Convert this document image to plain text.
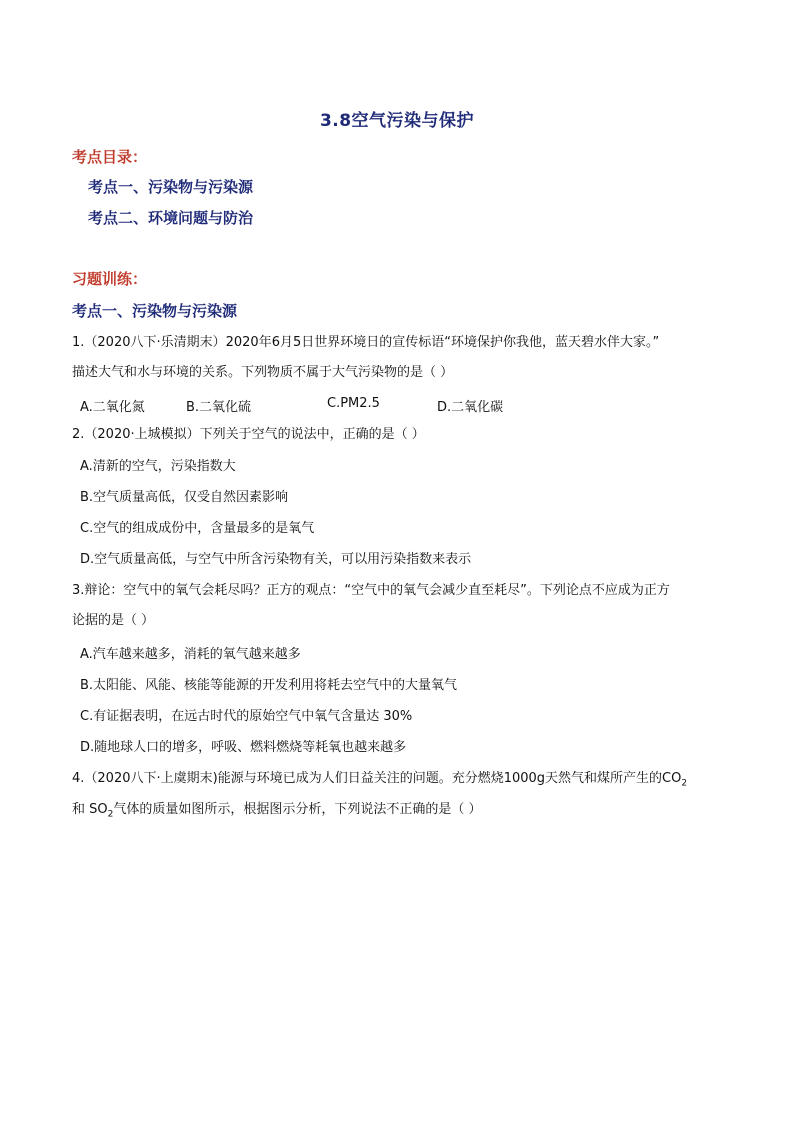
3.8空气污染与保护
考点目录：
考点一、污染物与污染源
考点二、环境问题与防治
习题训练：
考点一、污染物与污染源
1.（2020八下·乐清期末）2020年6月5日世界环境日的宣传标语“环境保护你我他，蓝天碧水伴大家。”
描述大气和水与环境的关系。下列物质不属于大气污染物的是（ ）
A.二氧化氮	B.二氧化硫	C.PM2.5	D.二氧化碳
2.（2020·上城模拟）下列关于空气的说法中，正确的是（ ）
A.清新的空气，污染指数大
B.空气质量高低，仅受自然因素影响
C.空气的组成成份中，含量最多的是氧气
D.空气质量高低，与空气中所含污染物有关，可以用污染指数来表示
3.辩论：空气中的氧气会耗尽吗？正方的观点：“空气中的氧气会减少直至耗尽”。下列论点不应成为正方
论据的是（ ）
A.汽车越来越多，消耗的氧气越来越多
B.太阳能、风能、核能等能源的开发利用将耗去空气中的大量氧气
C.有证据表明，在远古时代的原始空气中氧气含量达 30%
D.随地球人口的增多，呼吸、燃料燃烧等耗氧也越来越多
4.（2020八下·上虞期末)能源与环境已成为人们日益关注的问题。充分燃烧1000g天然气和煤所产生的$CO_2$
和 $SO_2$气体的质量如图所示，根据图示分析，下列说法不正确的是（ ）
